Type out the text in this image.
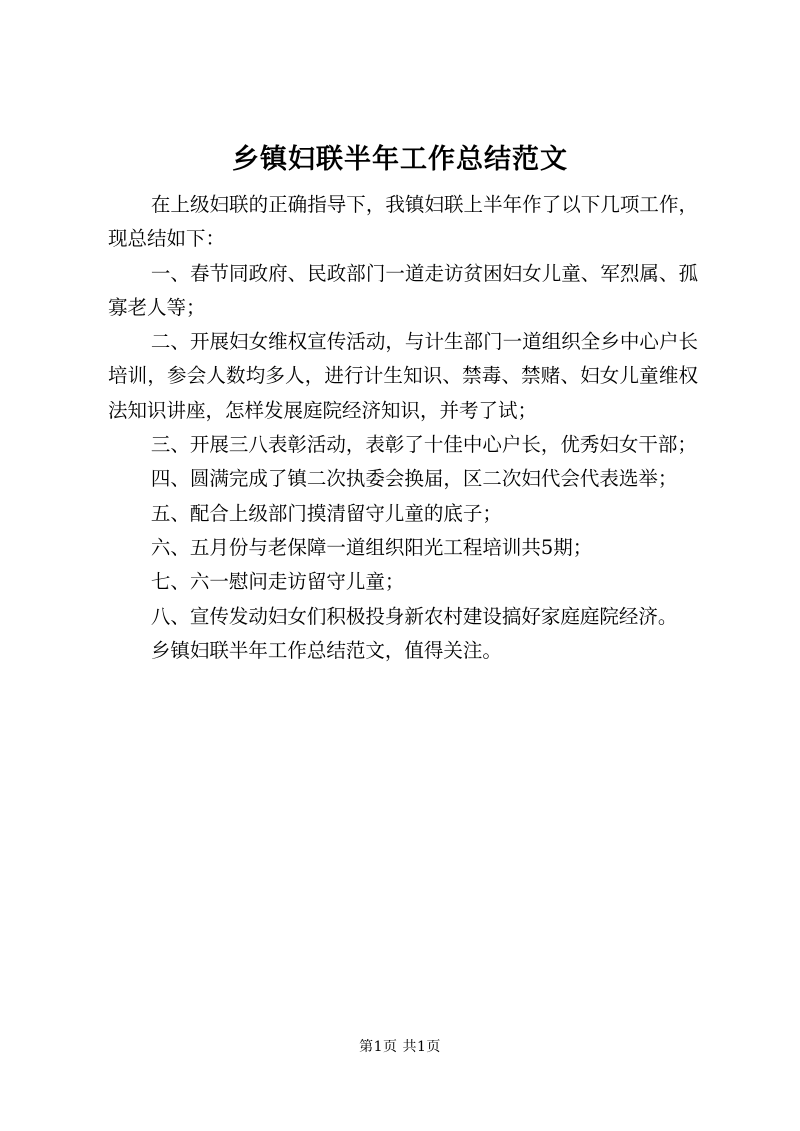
乡镇妇联半年工作总结范文

在上级妇联的正确指导下，我镇妇联上半年作了以下几项工作，现总结如下：

一、春节同政府、民政部门一道走访贫困妇女儿童、军烈属、孤寡老人等；

二、开展妇女维权宣传活动，与计生部门一道组织全乡中心户长培训，参会人数均多人，进行计生知识、禁毒、禁赌、妇女儿童维权法知识讲座，怎样发展庭院经济知识，并考了试；

三、开展三八表彰活动，表彰了十佳中心户长，优秀妇女干部；

四、圆满完成了镇二次执委会换届，区二次妇代会代表选举；

五、配合上级部门摸清留守儿童的底子；

六、五月份与老保障一道组织阳光工程培训共5期；

七、六一慰问走访留守儿童；

八、宣传发动妇女们积极投身新农村建设搞好家庭庭院经济。

乡镇妇联半年工作总结范文，值得关注。

第1页 共1页
